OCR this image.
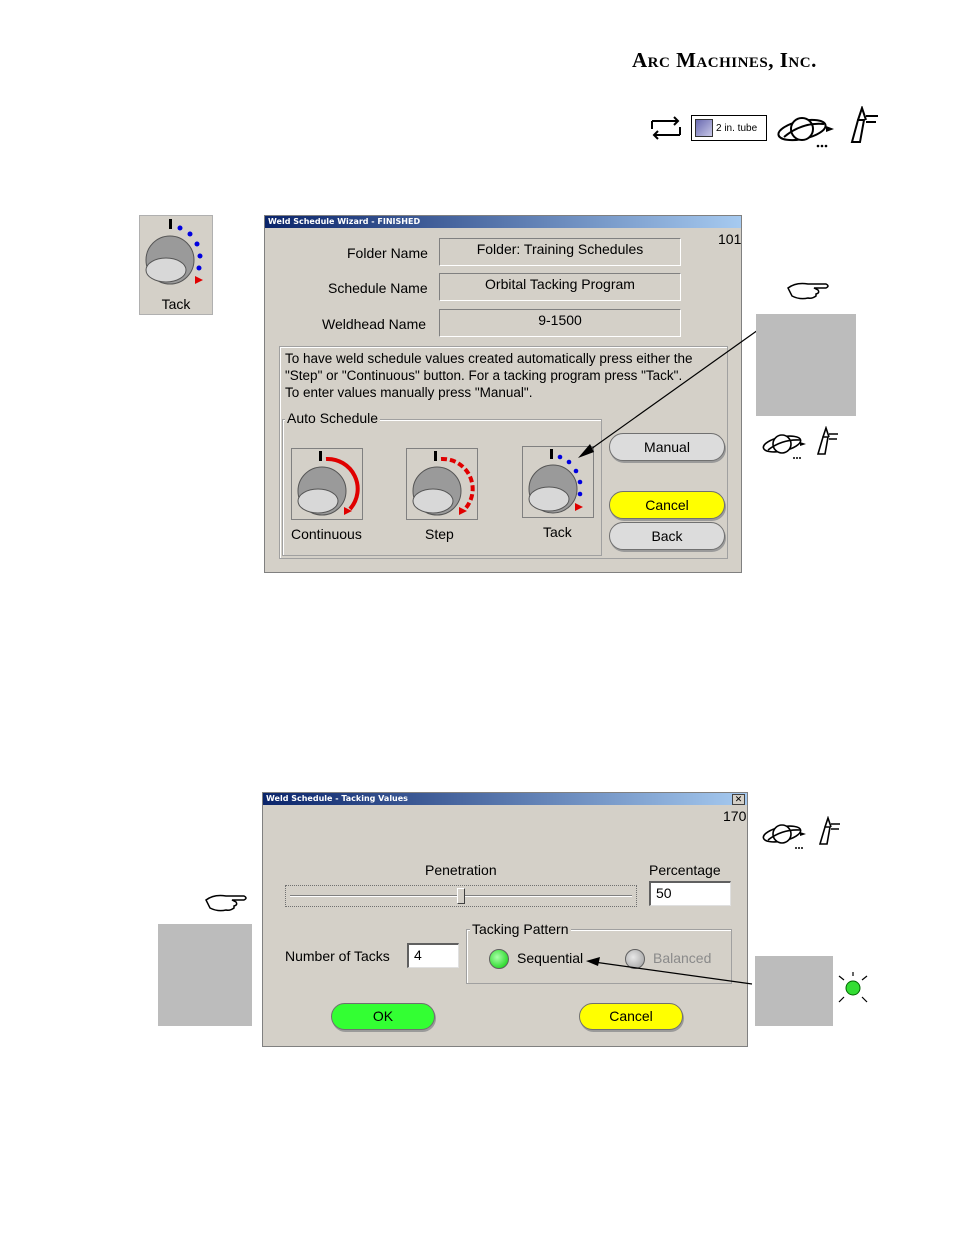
Arc Machines, Inc.
2 in. tube
Tack
Weld Schedule Wizard - FINISHED
101
Folder Name	Folder: Training Schedules
Schedule Name	Orbital Tacking Program
Weldhead Name	9-1500
To have weld schedule values created automatically press either the
"Step" or "Continuous" button. For a tacking program press "Tack".
To enter values manually press "Manual".
Auto Schedule
Continuous	Step	Tack
Manual
Cancel
Back
Weld Schedule - Tacking Values	✕
170
Penetration	Percentage
50
Number of Tacks	4
Tacking Pattern
Sequential	Balanced
OK	Cancel
